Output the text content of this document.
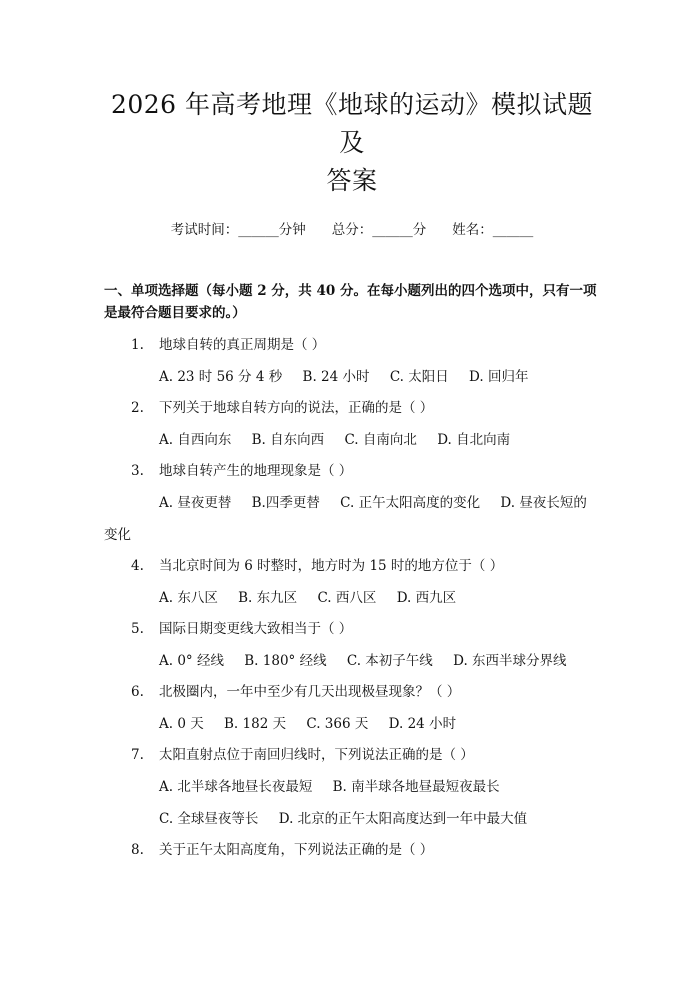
2026 年高考地理《地球的运动》模拟试题及
答案
考试时间：______分钟 总分：______分 姓名：______
一、单项选择题（每小题 2 分，共 40 分。在每小题列出的四个选项中，只有一项
是最符合题目要求的。）
1. 地球自转的真正周期是（ ）
A. 23 时 56 分 4 秒 B. 24 小时 C. 太阳日 D. 回归年
2. 下列关于地球自转方向的说法，正确的是（ ）
A. 自西向东 B. 自东向西 C. 自南向北 D. 自北向南
3. 地球自转产生的地理现象是（ ）
A. 昼夜更替 B.四季更替 C. 正午太阳高度的变化 D. 昼夜长短的
变化
4. 当北京时间为 6 时整时，地方时为 15 时的地方位于（ ）
A. 东八区 B. 东九区 C. 西八区 D. 西九区
5. 国际日期变更线大致相当于（ ）
A. 0° 经线 B. 180° 经线 C. 本初子午线 D. 东西半球分界线
6. 北极圈内，一年中至少有几天出现极昼现象？（ ）
A. 0 天 B. 182 天 C. 366 天 D. 24 小时
7. 太阳直射点位于南回归线时，下列说法正确的是（ ）
A. 北半球各地昼长夜最短 B. 南半球各地昼最短夜最长
C. 全球昼夜等长 D. 北京的正午太阳高度达到一年中最大值
8. 关于正午太阳高度角，下列说法正确的是（ ）
